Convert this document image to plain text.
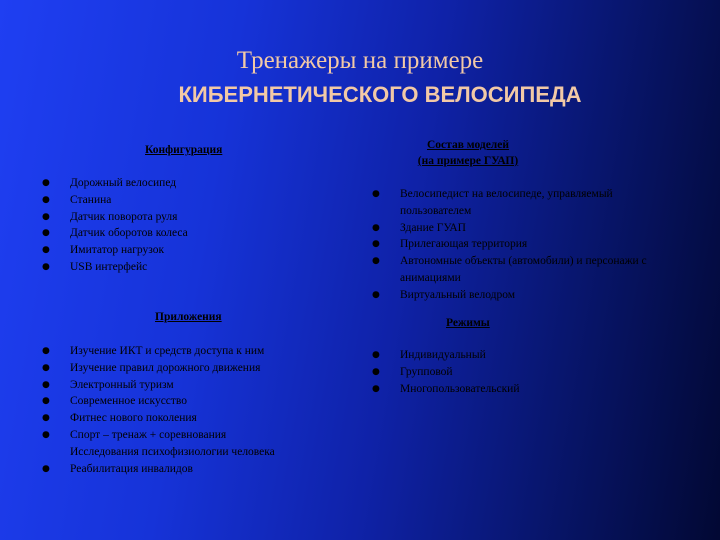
Тренажеры на примере
КИБЕРНЕТИЧЕСКОГО ВЕЛОСИПЕДА
Конфигурация
● Дорожный велосипед
● Станина
● Датчик поворота руля
● Датчик оборотов колеса
● Имитатор нагрузок
● USB интерфейс
Приложения
● Изучение ИКТ и средств доступа к ним
● Изучение правил дорожного движения
● Электронный туризм
● Современное искусство
● Фитнес нового поколения
● Спорт – тренаж + соревнования
Исследования психофизиологии человека
● Реабилитация инвалидов
Состав моделей
(на примере ГУАП)
● Велосипедист на велосипеде, управляемый пользователем
● Здание ГУАП
● Прилегающая территория
● Автономные объекты (автомобили) и персонажи с анимациями
● Виртуальный велодром
Режимы
● Индивидуальный
● Групповой
● Многопользовательский
